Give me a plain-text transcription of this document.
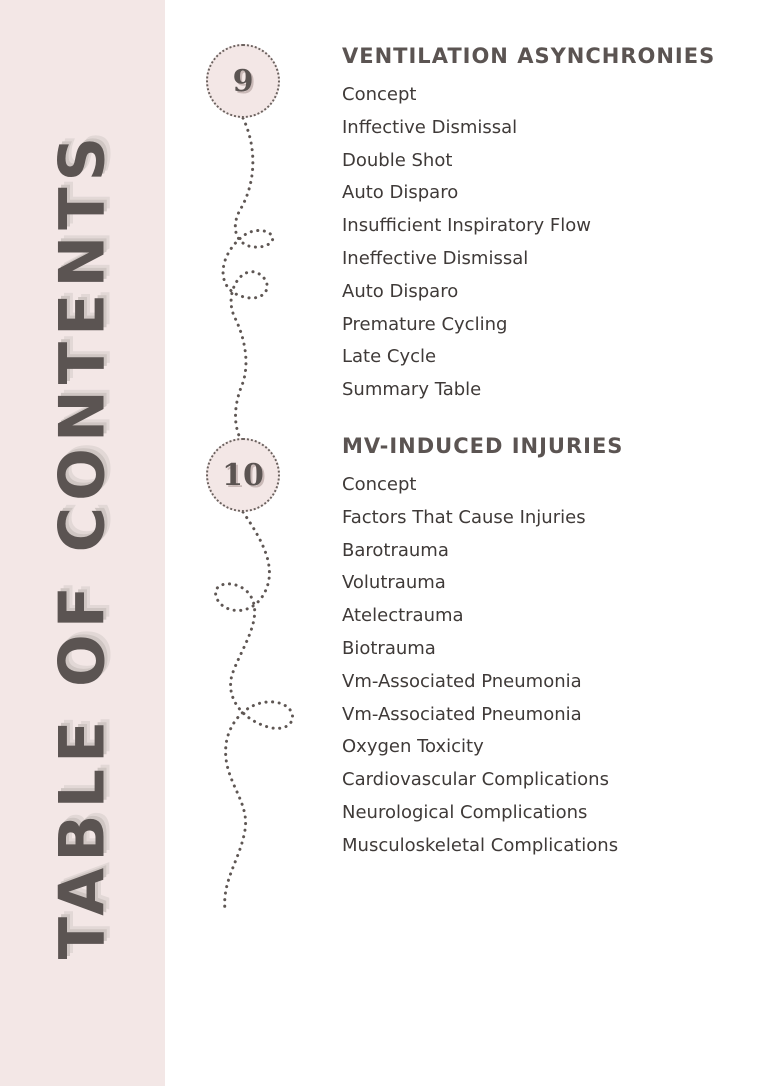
TABLE OF CONTENTS
9
10
VENTILATION ASYNCHRONIES
Concept
Inffective Dismissal
Double Shot
Auto Disparo
Insufficient Inspiratory Flow
Ineffective Dismissal
Auto Disparo
Premature Cycling
Late Cycle
Summary Table
MV-INDUCED INJURIES
Concept
Factors That Cause Injuries
Barotrauma
Volutrauma
Atelectrauma
Biotrauma
Vm-Associated Pneumonia
Vm-Associated Pneumonia
Oxygen Toxicity
Cardiovascular Complications
Neurological Complications
Musculoskeletal Complications
